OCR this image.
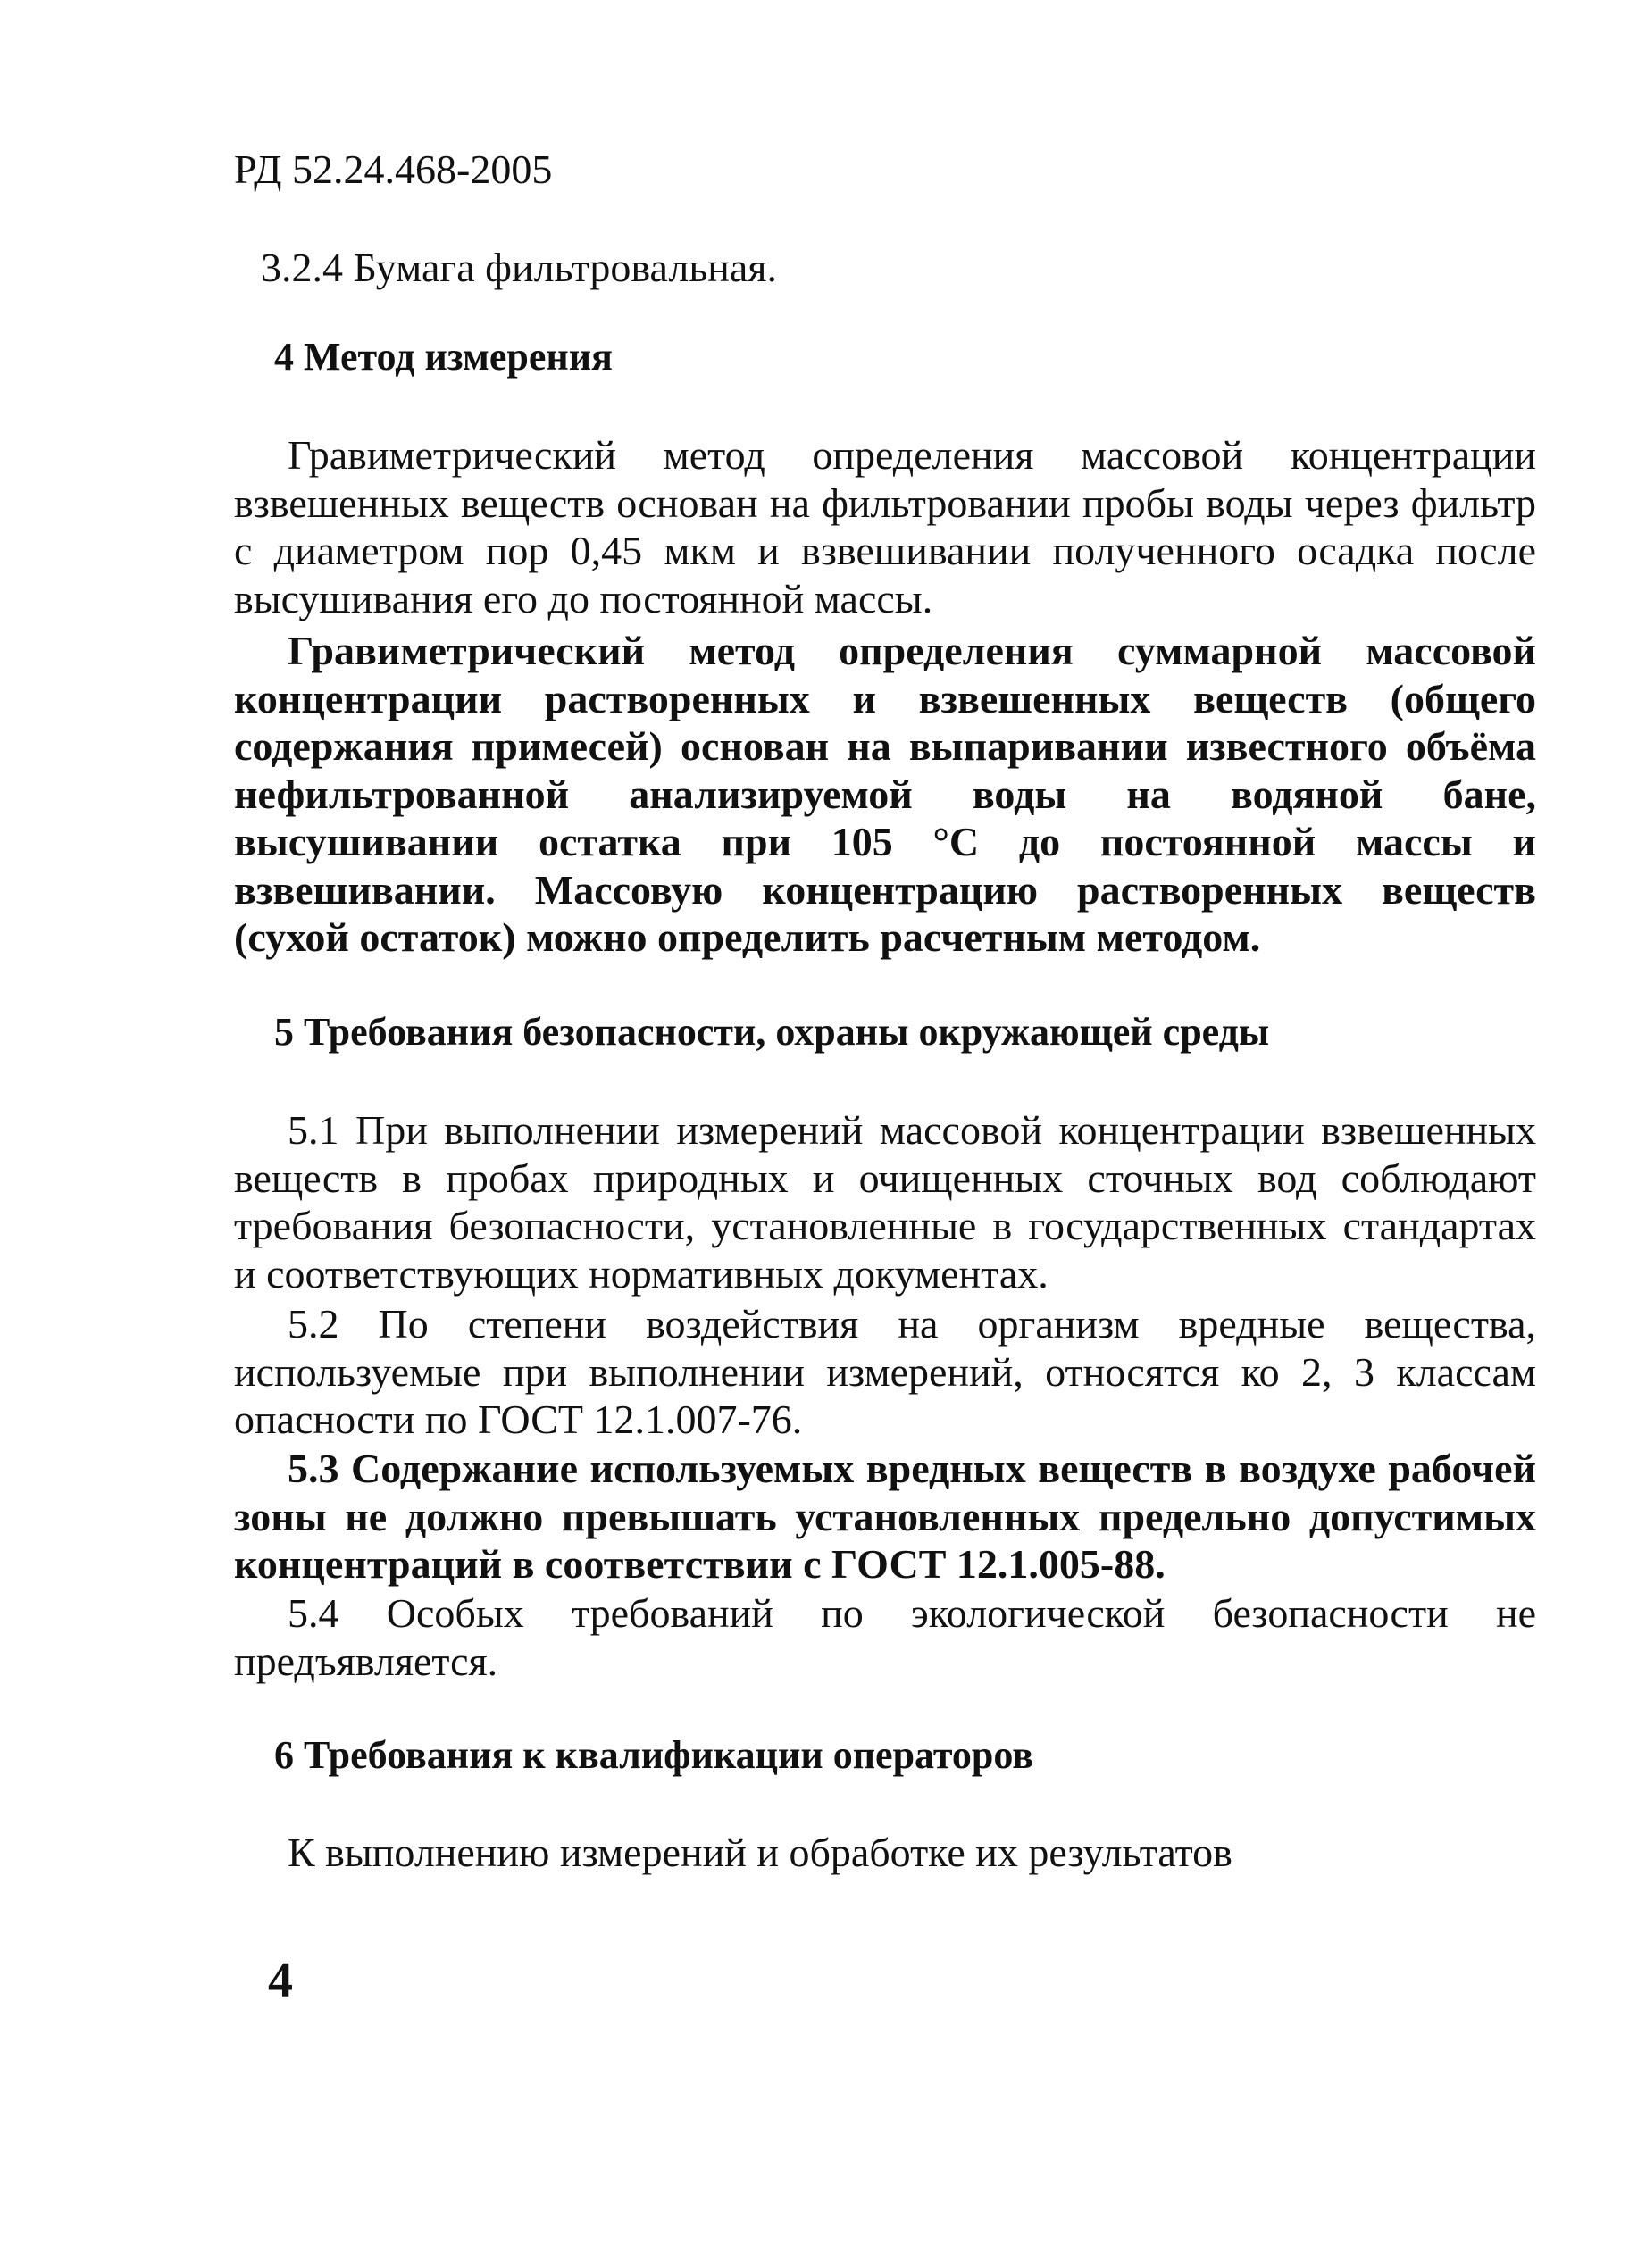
РД 52.24.468-2005
3.2.4 Бумага фильтровальная.
4 Метод измерения
Гравиметрический метод определения массовой концентрации взвешенных веществ основан на фильтровании пробы воды через фильтр с диаметром пор 0,45 мкм и взвешивании полученного осадка после высушивания его до постоянной массы.
Гравиметрический метод определения суммарной массовой концентрации растворенных и взвешенных веществ (общего содержания примесей) основан на выпаривании известного объёма нефильтрованной анализируемой воды на водяной бане, высушивании остатка при 105 °С до постоянной массы и взвешивании. Массовую концентрацию растворенных веществ (сухой остаток) можно определить расчетным методом.
5 Требования безопасности, охраны окружающей среды
5.1 При выполнении измерений массовой концентрации взвешенных веществ в пробах природных и очищенных сточных вод соблюдают требования безопасности, установленные в государственных стандартах и соответствующих нормативных документах.
5.2 По степени воздействия на организм вредные вещества, используемые при выполнении измерений, относятся ко 2, 3 классам опасности по ГОСТ 12.1.007-76.
5.3 Содержание используемых вредных веществ в воздухе рабочей зоны не должно превышать установленных предельно допустимых концентраций в соответствии с ГОСТ 12.1.005-88.
5.4 Особых требований по экологической безопасности не предъявляется.
6 Требования к квалификации операторов
К выполнению измерений и обработке их результатов
4
